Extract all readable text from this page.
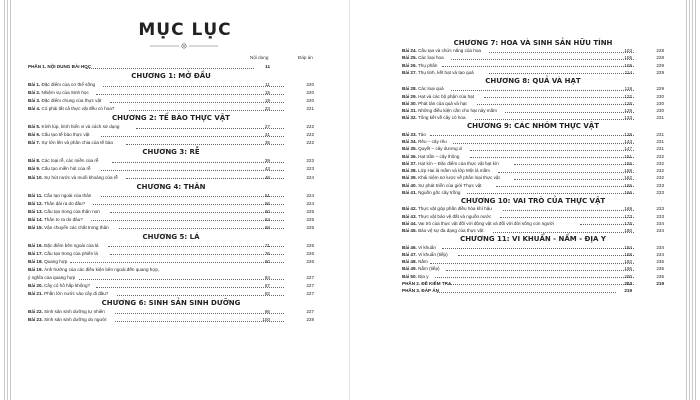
MỤC LỤC
Nội dung	Đáp án
PHẦN 1. NỘI DUNG BÀI HỌC	11
CHƯƠNG 1: MỞ ĐẦU
Bài 1. Đặc điểm của cơ thể sống	11	220
Bài 2. Nhiệm vụ của Sinh học	15	220
Bài 3. Đặc điểm chung của thực vật	19	220
Bài 4. Có phải tất cả thực vật đều có hoa?	23	221
CHƯƠNG 2: TẾ BÀO THỰC VẬT
Bài 5. Kính lúp, kính hiển vi và cách sử dụng	27	222
Bài 6. Cấu tạo tế bào thực vật	31	222
Bài 7. Sự lớn lên và phân chia của tế bào	35	222
CHƯƠNG 3: RỄ
Bài 8. Các loại rễ, các miền của rễ	39	223
Bài 9. Cấu tạo miền hút của rễ	43	223
Bài 10. Sự hút nước và muối khoáng của rễ	46	224
CHƯƠNG 4: THÂN
Bài 11. Cấu tạo ngoài của thân	51	224
Bài 12. Thân dài ra do đâu?	56	224
Bài 13. Cấu tạo trong của thân non	60	225
Bài 14. Thân to ra do đâu?	63	225
Bài 15. Vận chuyển các chất trong thân	68	225
CHƯƠNG 5: LÁ
Bài 16. Đặc điểm bên ngoài của lá	71	225
Bài 17. Cấu tạo trong của phiến lá	76	226
Bài 18. Quang hợp	80	226
Bài 19. Ảnh hưởng của các điều kiện bên ngoài đến quang hợp,
ý nghĩa của quang hợp	84	227
Bài 20. Cây có hô hấp không?	87	227
Bài 21. Phần lớn nước vào cây đi đâu?	92	227
CHƯƠNG 6: SINH SẢN SINH DƯỠNG
Bài 22. Sinh sản sinh dưỡng tự nhiên	96	227
Bài 23. Sinh sản sinh dưỡng do người	100	228
CHƯƠNG 7: HOA VÀ SINH SẢN HỮU TÍNH
Bài 24. Cấu tạo và chức năng của hoa	103	228
Bài 25. Các loại hoa	106	228
Bài 26. Thụ phấn	109	229
Bài 27. Thụ tinh, kết hạt và tạo quả	114	229
CHƯƠNG 8: QUẢ VÀ HẠT
Bài 28. Các loại quả	118	229
Bài 29. Hạt và các bộ phận của hạt	122	230
Bài 30. Phát tán của quả và hạt	126	230
Bài 31. Những điều kiện cần cho hạt nảy mầm	129	230
Bài 32. Tổng kết về cây có hoa	133	231
CHƯƠNG 9: CÁC NHÓM THỰC VẬT
Bài 33. Tảo	138	231
Bài 34. Rêu – cây rêu	143	231
Bài 35. Quyết – cây dương xỉ	147	231
Bài 36. Hạt trần – cây thông	151	232
Bài 37. Hạt kín – Đặc điểm của thực vật hạt kín	155	232
Bài 38. Lớp Hai lá mầm và lớp Một lá mầm	158	232
Bài 39. Khái niệm sơ lược về phân loại thực vật	162	232
Bài 40. Sự phát triển của giới Thực vật	165	233
Bài 41. Nguồn gốc cây trồng	166	233
CHƯƠNG 10: VAI TRÒ CỦA THỰC VẬT
Bài 42. Thực vật góp phần điều hòa khí hậu	169	233
Bài 43. Thực vật bảo vệ đất và nguồn nước	173	233
Bài 44. Vai trò của thực vật đối với động vật và đối với đời sống con người	176	234
Bài 45. Bảo vệ sự đa dạng của thực vật	180	234
CHƯƠNG 11: VI KHUẨN - NẤM - ĐỊA Y
Bài 46. Vi khuẩn	184	234
Bài 47. Vi khuẩn (tiếp)	188	234
Bài 48. Nấm	192	235
Bài 49. Nấm (tiếp)	196	235
Bài 50. Địa y	200	235
PHẦN 2. ĐỀ KIỂM TRA	203	219
PHẦN 3. ĐÁP ÁN	219
